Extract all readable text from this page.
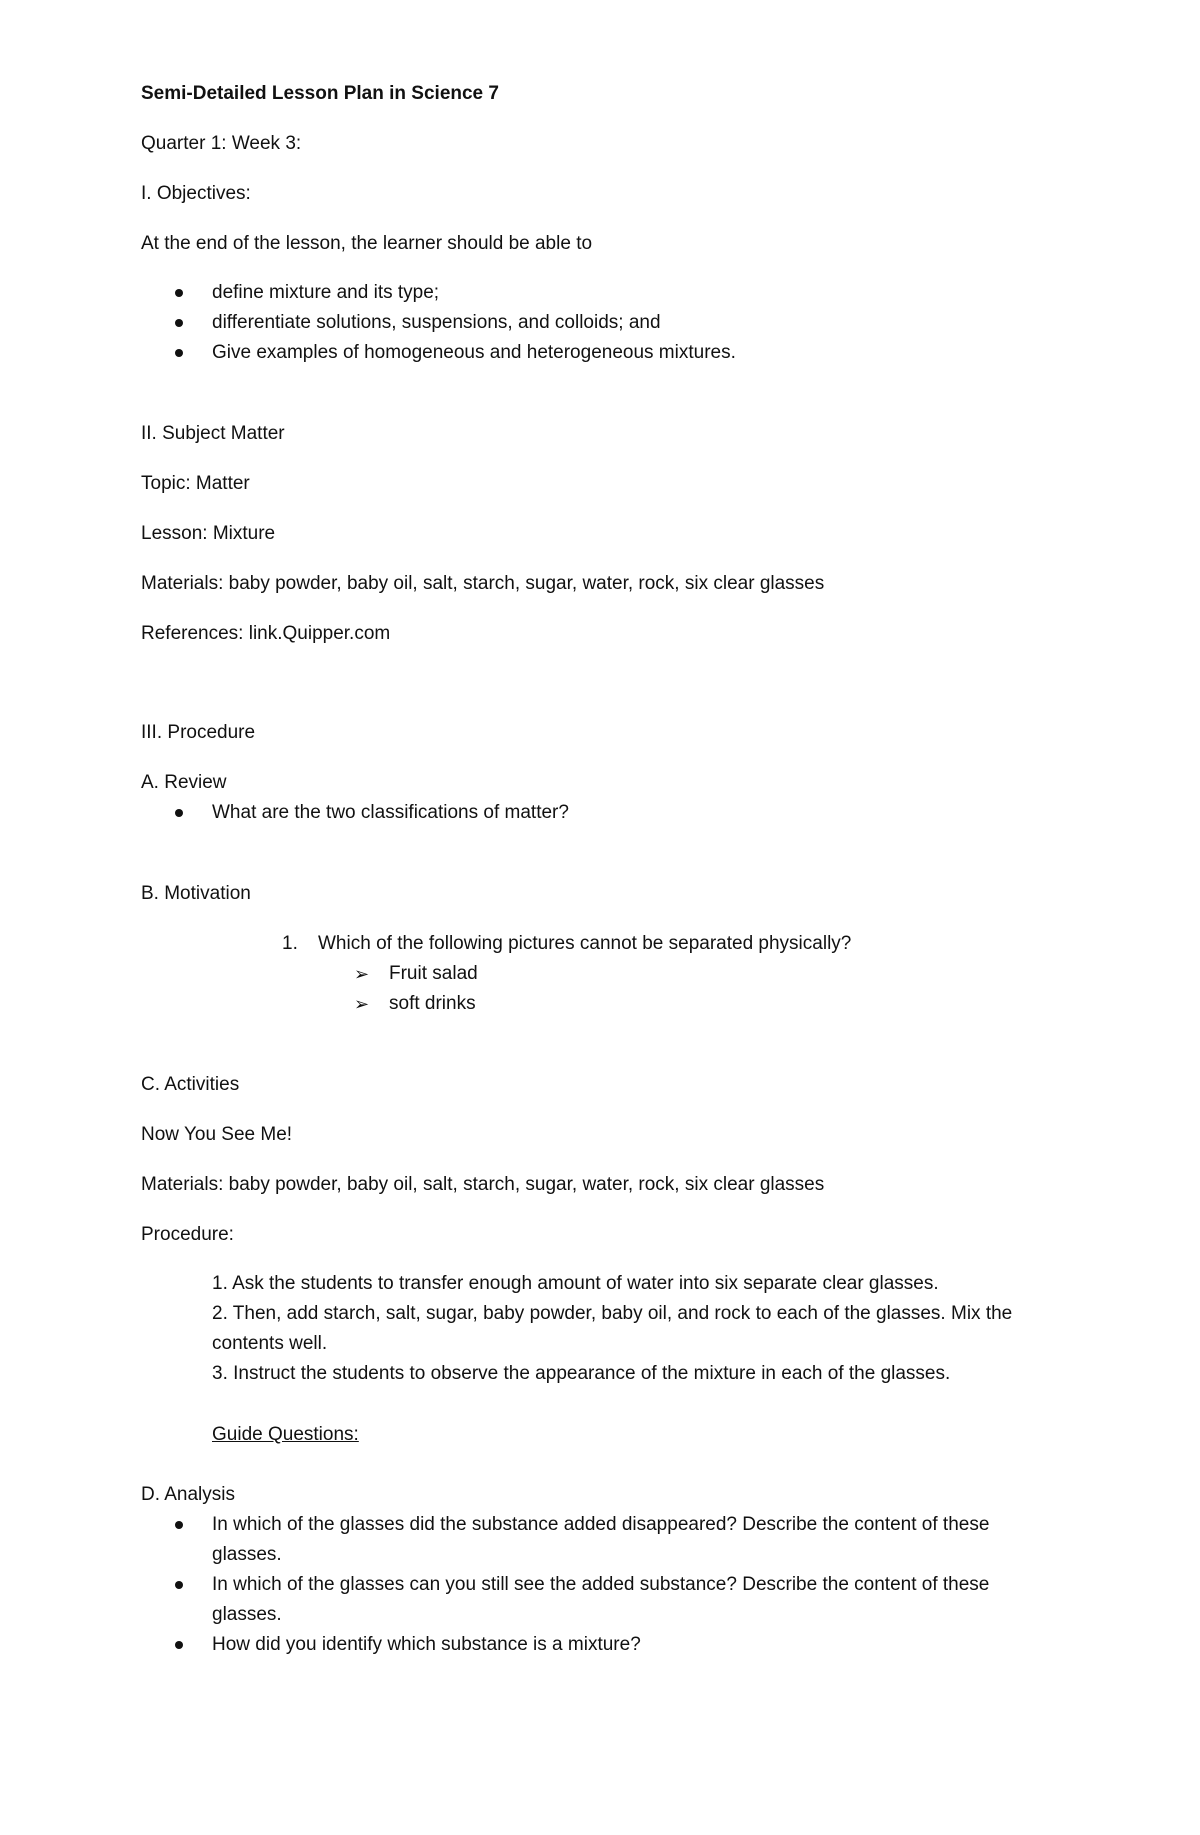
Semi-Detailed Lesson Plan in Science 7
Quarter 1: Week 3:
I. Objectives:
At the end of the lesson, the learner should be able to
define mixture and its type;
differentiate solutions, suspensions, and colloids; and
Give examples of homogeneous and heterogeneous mixtures.
II. Subject Matter
Topic: Matter
Lesson: Mixture
Materials: baby powder, baby oil, salt, starch, sugar, water, rock, six clear glasses
References: link.Quipper.com
III. Procedure
A. Review
What are the two classifications of matter?
B. Motivation
1. Which of the following pictures cannot be separated physically?
➢ Fruit salad
➢ soft drinks
C. Activities
Now You See Me!
Materials: baby powder, baby oil, salt, starch, sugar, water, rock, six clear glasses
Procedure:
1. Ask the students to transfer enough amount of water into six separate clear glasses.
2. Then, add starch, salt, sugar, baby powder, baby oil, and rock to each of the glasses. Mix the
contents well.
3. Instruct the students to observe the appearance of the mixture in each of the glasses.
Guide Questions:
D. Analysis
In which of the glasses did the substance added disappeared? Describe the content of these
glasses.
In which of the glasses can you still see the added substance? Describe the content of these
glasses.
How did you identify which substance is a mixture?
